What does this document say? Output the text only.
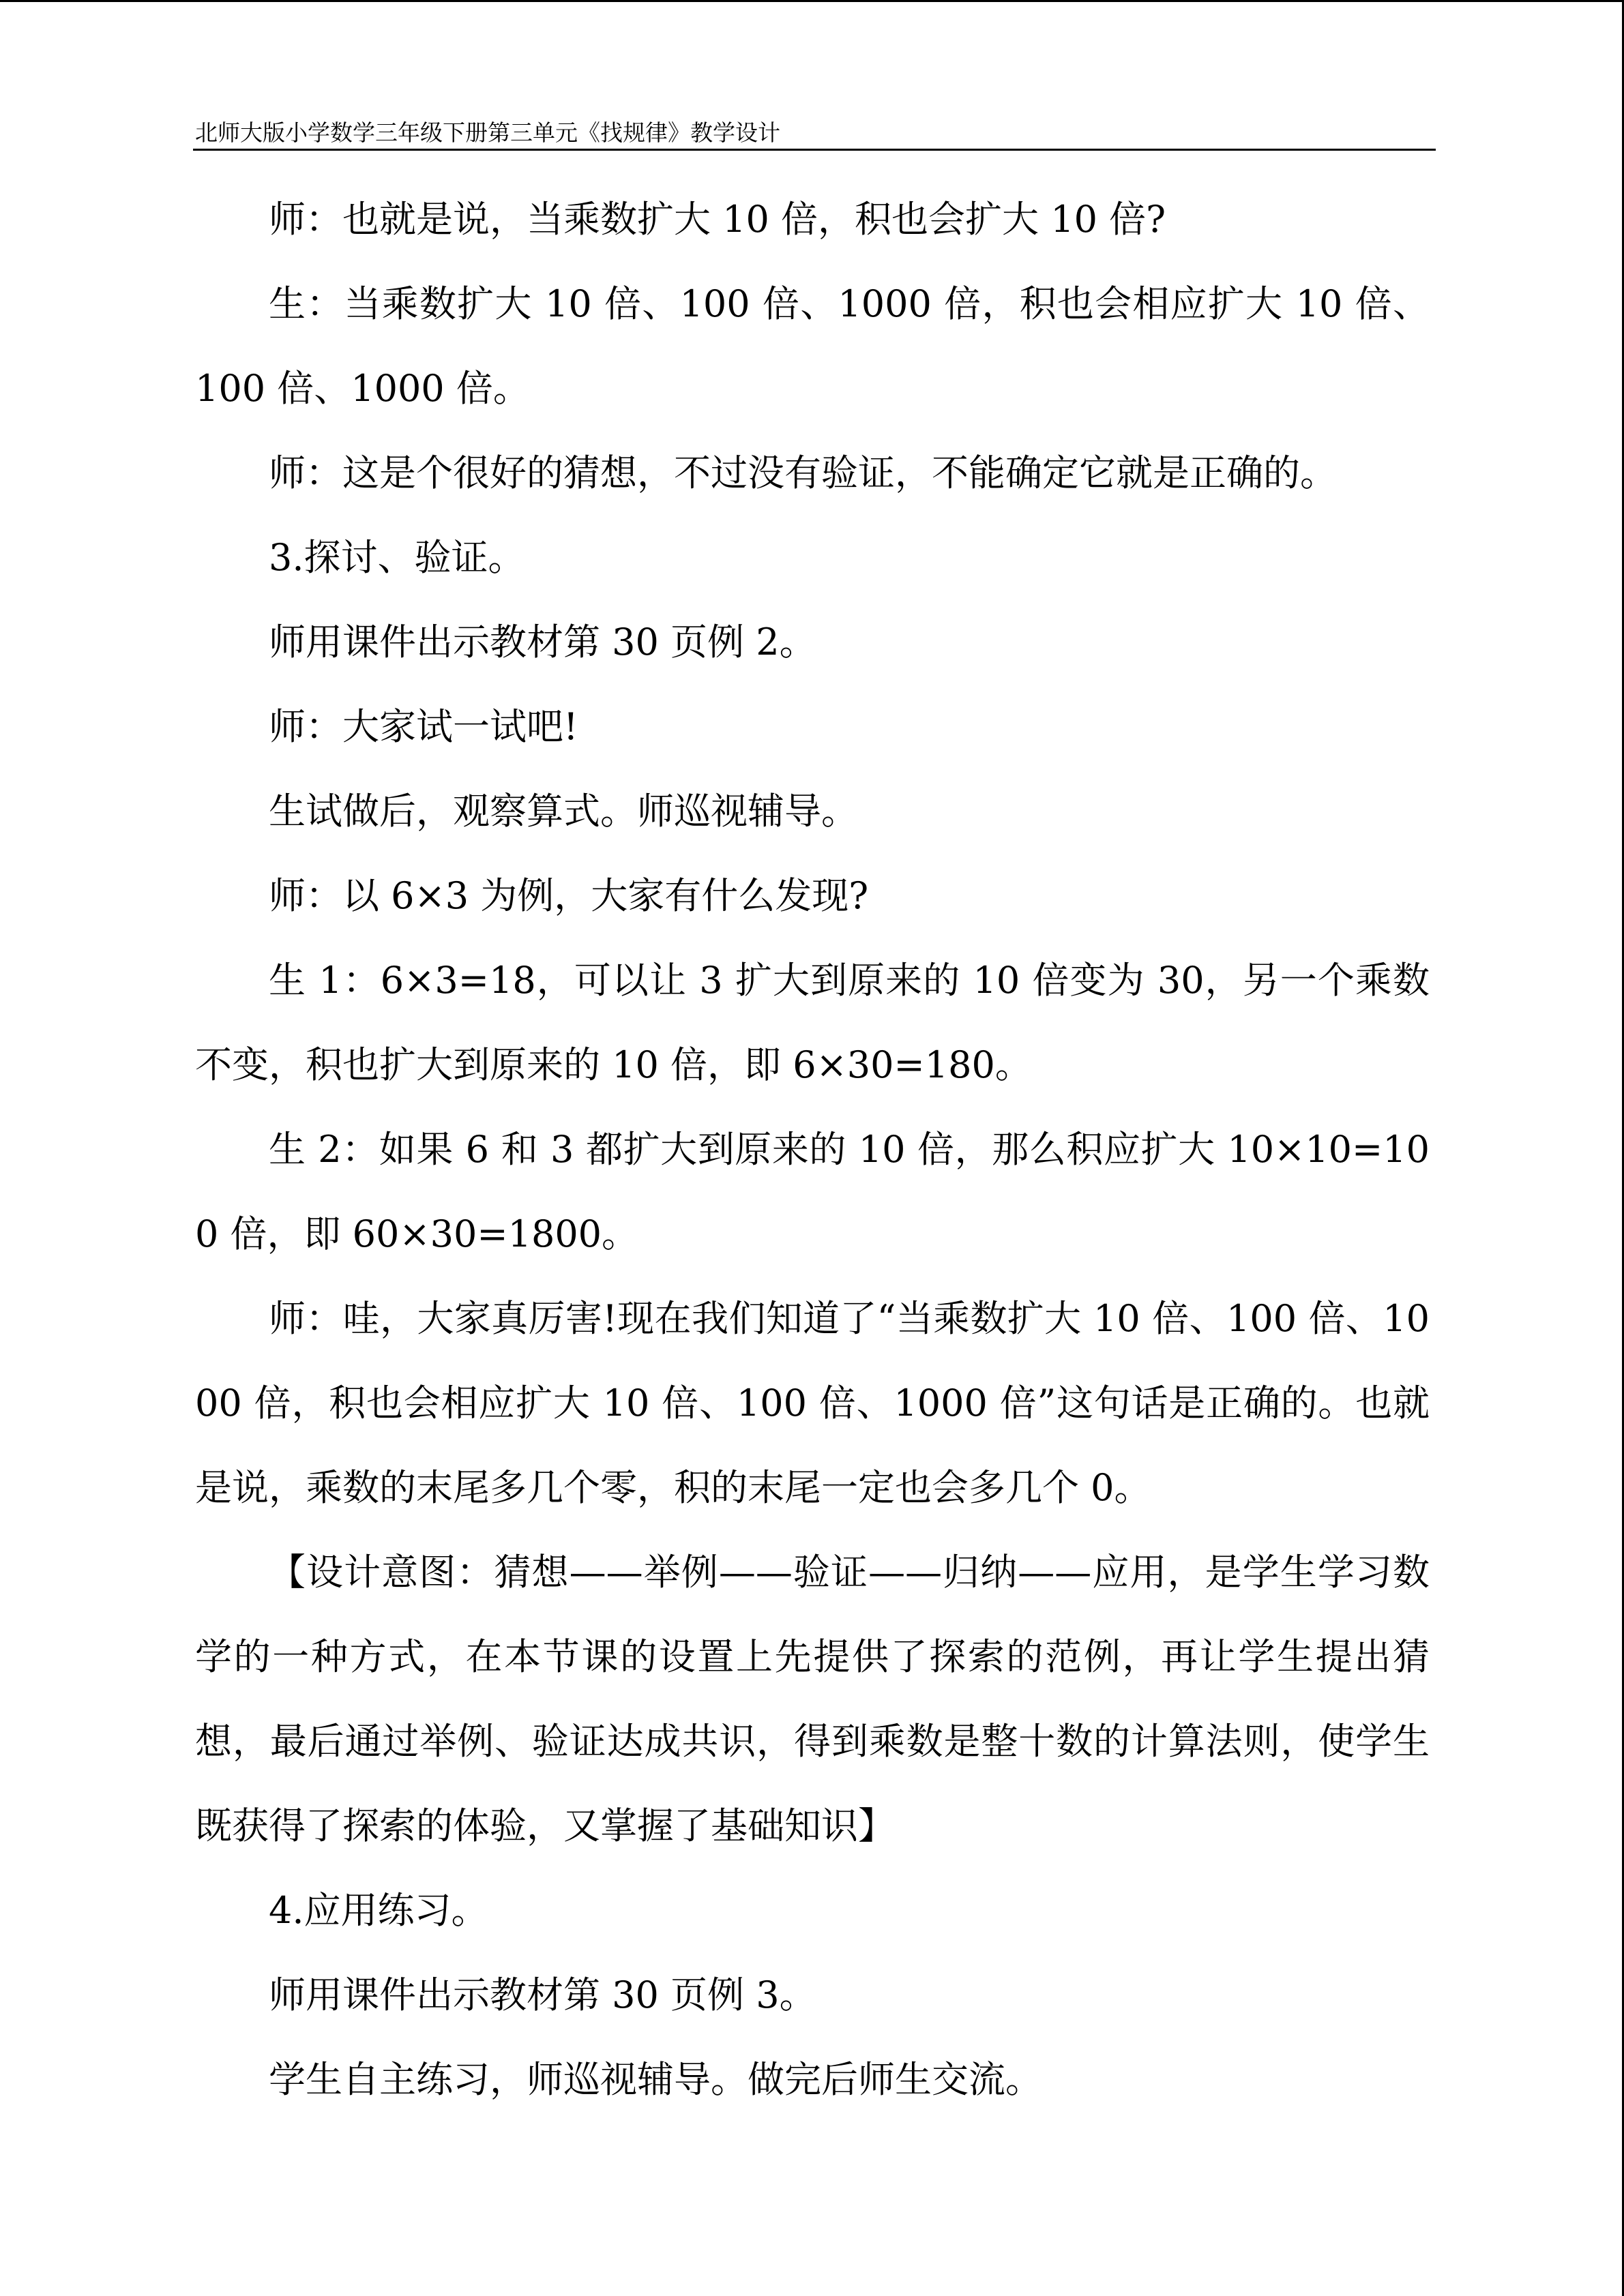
北师大版小学数学三年级下册第三单元《找规律》教学设计

师：也就是说，当乘数扩大 10 倍，积也会扩大 10 倍?

生：当乘数扩大 10 倍、100 倍、1000 倍，积也会相应扩大 10 倍、100 倍、1000 倍。

师：这是个很好的猜想，不过没有验证，不能确定它就是正确的。

3.探讨、验证。

师用课件出示教材第 30 页例 2。

师：大家试一试吧!

生试做后，观察算式。师巡视辅导。

师：以 6×3 为例，大家有什么发现?

生 1：6×3=18，可以让 3 扩大到原来的 10 倍变为 30，另一个乘数不变，积也扩大到原来的 10 倍，即 6×30=180。

生 2：如果 6 和 3 都扩大到原来的 10 倍，那么积应扩大 10×10=100 倍，即 60×30=1800。

师：哇，大家真厉害!现在我们知道了“当乘数扩大 10 倍、100 倍、1000 倍，积也会相应扩大 10 倍、100 倍、1000 倍”这句话是正确的。也就是说，乘数的末尾多几个零，积的末尾一定也会多几个 0。

【设计意图：猜想——举例——验证——归纳——应用，是学生学习数学的一种方式，在本节课的设置上先提供了探索的范例，再让学生提出猜想，最后通过举例、验证达成共识，得到乘数是整十数的计算法则，使学生既获得了探索的体验，又掌握了基础知识】

4.应用练习。

师用课件出示教材第 30 页例 3。

学生自主练习，师巡视辅导。做完后师生交流。
